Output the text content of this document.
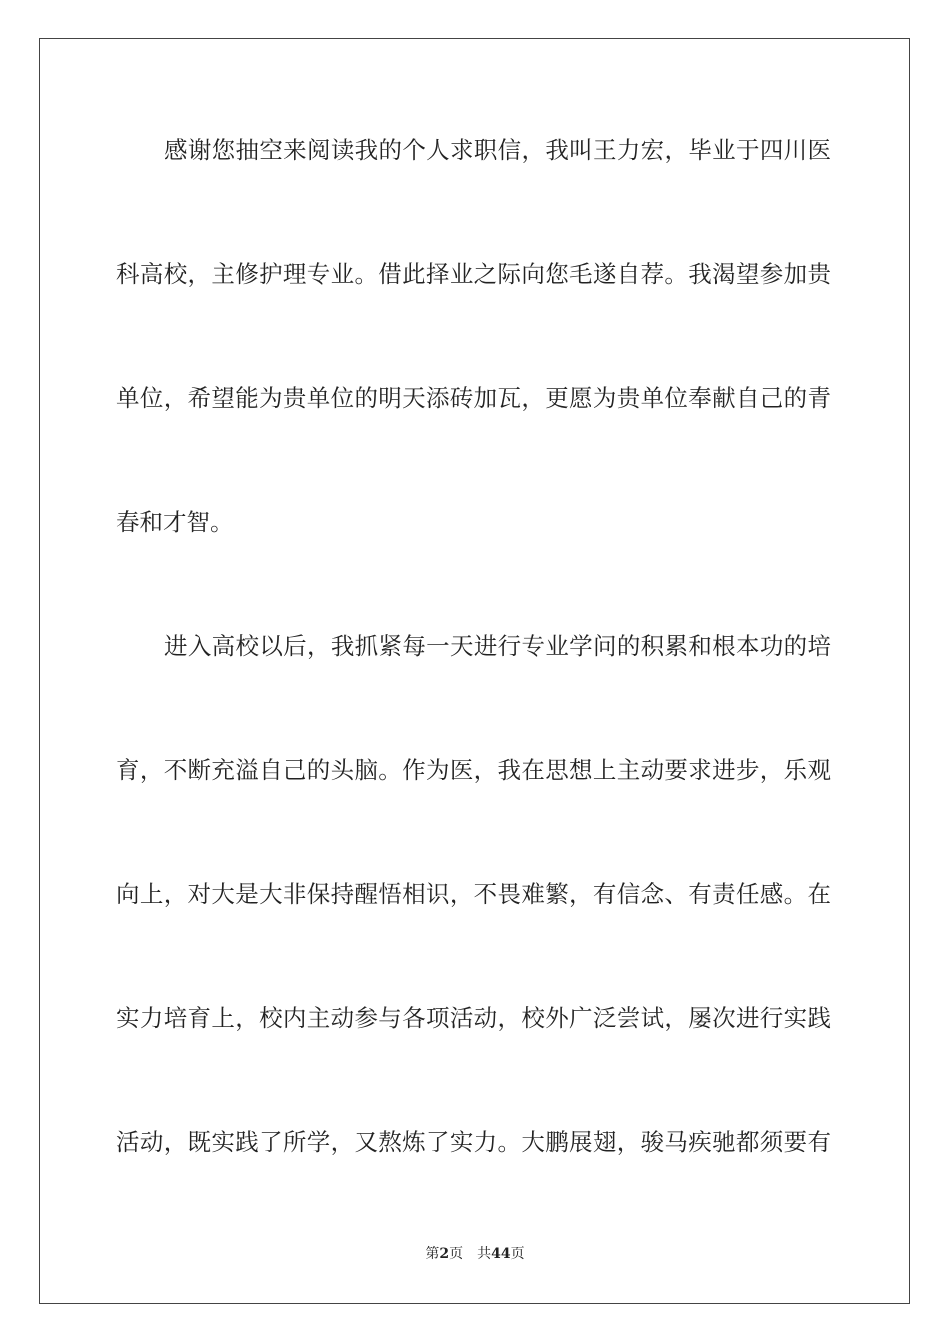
感谢您抽空来阅读我的个人求职信，我叫王力宏，毕业于四川医
科高校，主修护理专业。借此择业之际向您毛遂自荐。我渴望参加贵
单位，希望能为贵单位的明天添砖加瓦，更愿为贵单位奉献自己的青
春和才智。
进入高校以后，我抓紧每一天进行专业学问的积累和根本功的培
育，不断充溢自己的头脑。作为医，我在思想上主动要求进步，乐观
向上，对大是大非保持醒悟相识，不畏难繁，有信念、有责任感。在
实力培育上，校内主动参与各项活动，校外广泛尝试，屡次进行实践
活动，既实践了所学，又熬炼了实力。大鹏展翅，骏马疾驰都须要有
第2页 共44页
